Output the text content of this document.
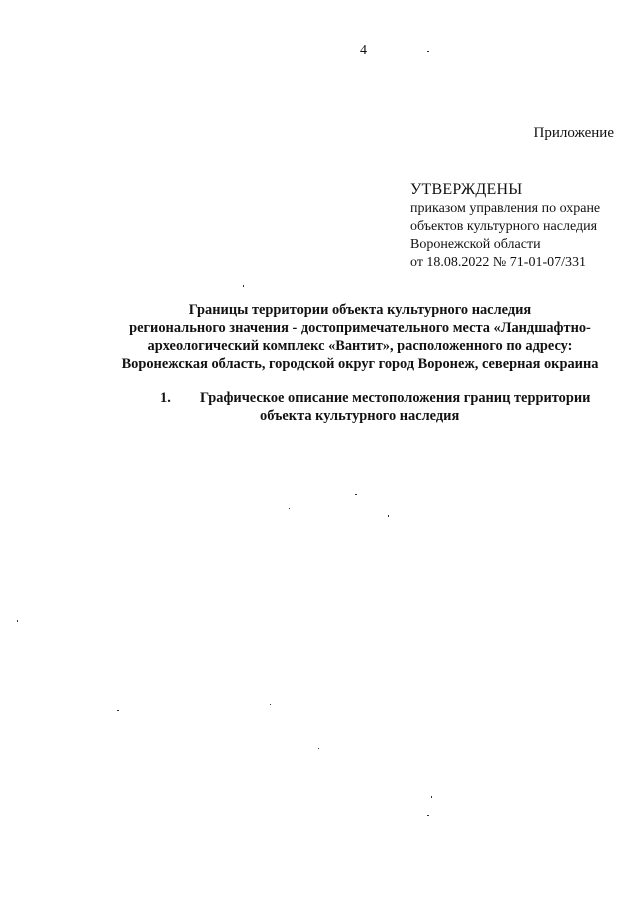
4
Приложение
УТВЕРЖДЕНЫ
приказом управления по охране
объектов культурного наследия
Воронежской области
от 18.08.2022 № 71-01-07/331
Границы территории объекта культурного наследия
регионального значения - достопримечательного места «Ландшафтно-
археологический комплекс «Вантит», расположенного по адресу:
Воронежская область, городской округ город Воронеж, северная окраина
1. Графическое описание местоположения границ территории
объекта культурного наследия
